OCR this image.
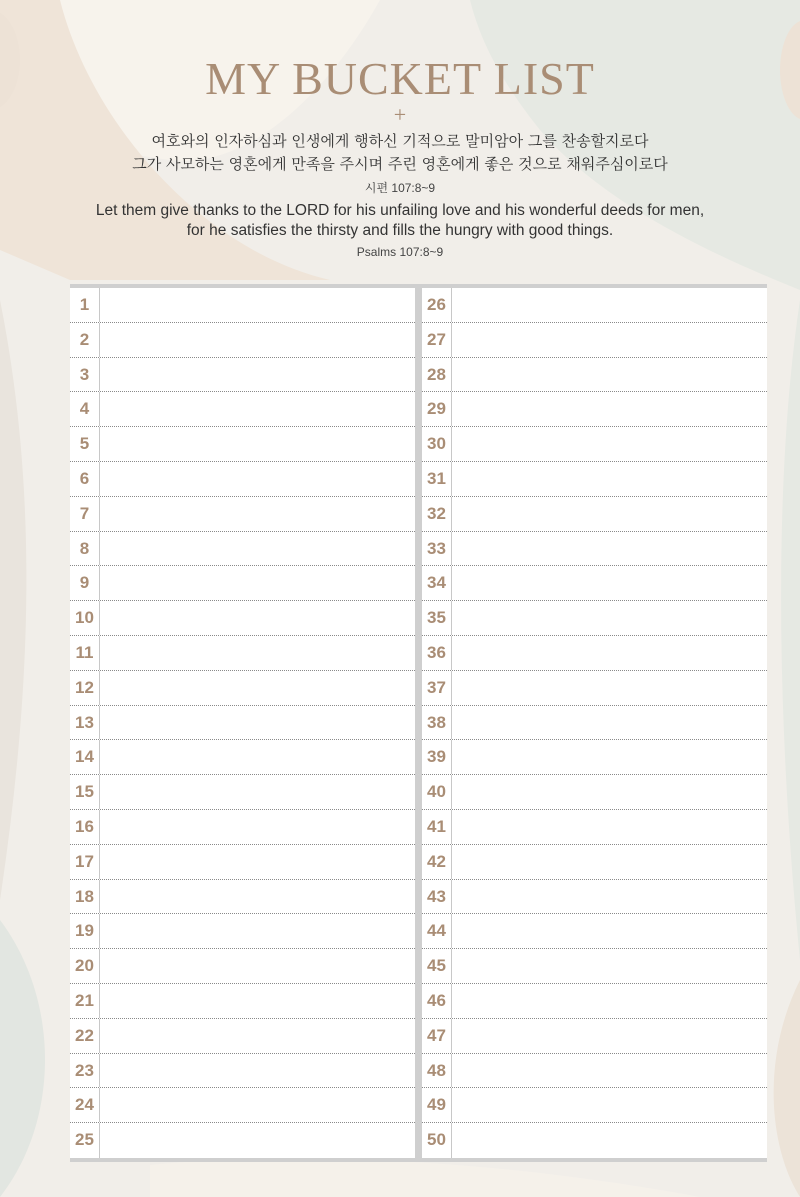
MY BUCKET LIST
+
여호와의 인자하심과 인생에게 행하신 기적으로 말미암아 그를 찬송할지로다
그가 사모하는 영혼에게 만족을 주시며 주린 영혼에게 좋은 것으로 채워주심이로다
시편 107:8~9
Let them give thanks to the LORD for his unfailing love and his wonderful deeds for men,
for he satisfies the thirsty and fills the hungry with good things.
Psalms 107:8~9
1
2
3
4
5
6
7
8
9
10
11
12
13
14
15
16
17
18
19
20
21
22
23
24
25
26
27
28
29
30
31
32
33
34
35
36
37
38
39
40
41
42
43
44
45
46
47
48
49
50
